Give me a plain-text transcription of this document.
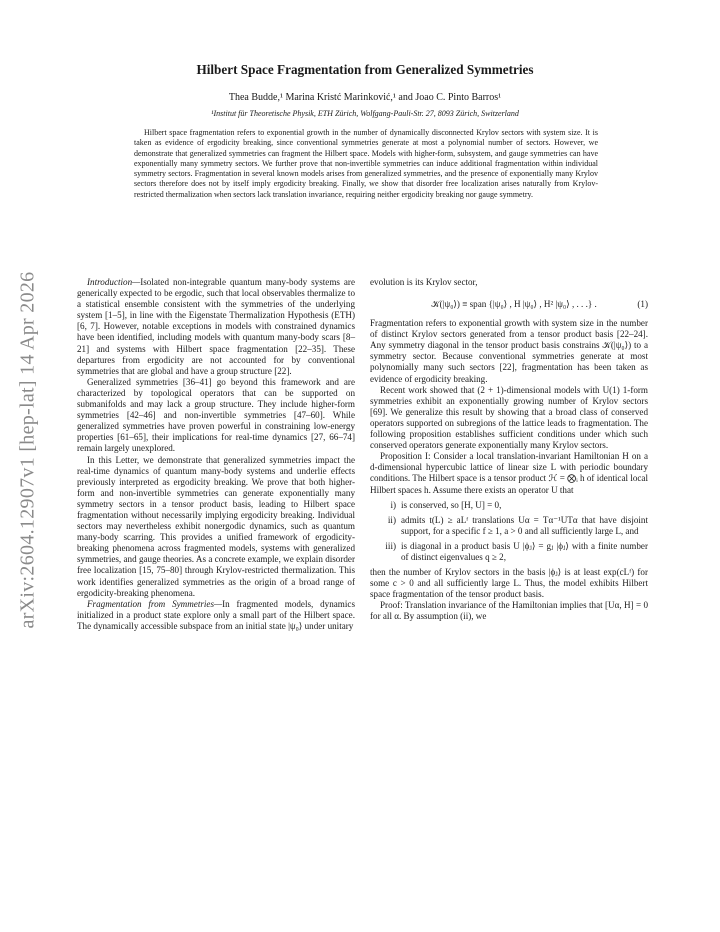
arXiv:2604.12907v1 [hep-lat] 14 Apr 2026
Hilbert Space Fragmentation from Generalized Symmetries
Thea Budde,¹ Marina Kristć Marinković,¹ and Joao C. Pinto Barros¹
¹Institut für Theoretische Physik, ETH Zürich, Wolfgang-Pauli-Str. 27, 8093 Zürich, Switzerland

Hilbert space fragmentation refers to exponential growth in the number of dynamically disconnected Krylov sectors with system size. It is taken as evidence of ergodicity breaking, since conventional symmetries generate at most a polynomial number of sectors. However, we demonstrate that generalized symmetries can fragment the Hilbert space. Models with higher-form, subsystem, and gauge symmetries can have exponentially many symmetry sectors. We further prove that non-invertible symmetries can induce additional fragmentation within individual symmetry sectors. Fragmentation in several known models arises from generalized symmetries, and the presence of exponentially many Krylov sectors therefore does not by itself imply ergodicity breaking. Finally, we show that disorder free localization arises naturally from Krylov-restricted thermalization when sectors lack translation invariance, requiring neither ergodicity breaking nor gauge symmetry.

Introduction—Isolated non-integrable quantum many-body systems are generically expected to be ergodic, such that local observables thermalize to a statistical ensemble consistent with the symmetries of the underlying system [1–5], in line with the Eigenstate Thermalization Hypothesis (ETH) [6, 7]. However, notable exceptions in models with constrained dynamics have been identified, including models with quantum many-body scars [8–21] and systems with Hilbert space fragmentation [22–35]. These departures from ergodicity are not accounted for by conventional symmetries that are global and have a group structure [22].

Generalized symmetries [36–41] go beyond this framework and are characterized by topological operators that can be supported on submanifolds and may lack a group structure. They include higher-form symmetries [42–46] and non-invertible symmetries [47–60]. While generalized symmetries have proven powerful in constraining low-energy properties [61–65], their implications for real-time dynamics [27, 66–74] remain largely unexplored.

In this Letter, we demonstrate that generalized symmetries impact the real-time dynamics of quantum many-body systems and underlie effects previously interpreted as ergodicity breaking. We prove that both higher-form and non-invertible symmetries can generate exponentially many symmetry sectors in a tensor product basis, leading to Hilbert space fragmentation without necessarily implying ergodicity breaking. Individual sectors may nevertheless exhibit nonergodic dynamics, such as quantum many-body scarring. This provides a unified framework of ergodicity-breaking phenomena across fragmented models, systems with generalized symmetries, and gauge theories. As a concrete example, we explain disorder free localization [15, 75–80] through Krylov-restricted thermalization. This work identifies generalized symmetries as the origin of a broad range of ergodicity-breaking phenomena.

Fragmentation from Symmetries—In fragmented models, dynamics initialized in a product state explore only a small part of the Hilbert space. The dynamically accessible subspace from an initial state |ψ₀⟩ under unitary

evolution is its Krylov sector,

𝒦(|ψ₀⟩) ≡ span {|ψ₀⟩ , H |ψ₀⟩ , H² |ψ₀⟩ , . . .} .	(1)

Fragmentation refers to exponential growth with system size in the number of distinct Krylov sectors generated from a tensor product basis [22–24]. Any symmetry diagonal in the tensor product basis constrains 𝒦(|ψ₀⟩) to a symmetry sector. Because conventional symmetries generate at most polynomially many such sectors [22], fragmentation has been taken as evidence of ergodicity breaking.

Recent work showed that (2 + 1)-dimensional models with U(1) 1-form symmetries exhibit an exponentially growing number of Krylov sectors [69]. We generalize this result by showing that a broad class of conserved operators supported on subregions of the lattice leads to fragmentation. The following proposition establishes sufficient conditions under which such conserved operators generate exponentially many Krylov sectors.

Proposition I: Consider a local translation-invariant Hamiltonian H on a d-dimensional hypercubic lattice of linear size L with periodic boundary conditions. The Hilbert space is a tensor product ℋ = ⨂ᵢ h of identical local Hilbert spaces h. Assume there exists an operator U that

i) is conserved, so [H, U] = 0,
ii) admits t(L) ≥ aLᶠ translations Uα = Tα⁻¹UTα that have disjoint support, for a specific f ≥ 1, a > 0 and all sufficiently large L, and
iii) is diagonal in a product basis U |ϕⱼ⟩ = gⱼ |ϕⱼ⟩ with a finite number of distinct eigenvalues q ≥ 2,

then the number of Krylov sectors in the basis |ϕⱼ⟩ is at least exp(cLᶠ) for some c > 0 and all sufficiently large L. Thus, the model exhibits Hilbert space fragmentation of the tensor product basis.

Proof: Translation invariance of the Hamiltonian implies that [Uα, H] = 0 for all α. By assumption (ii), we
